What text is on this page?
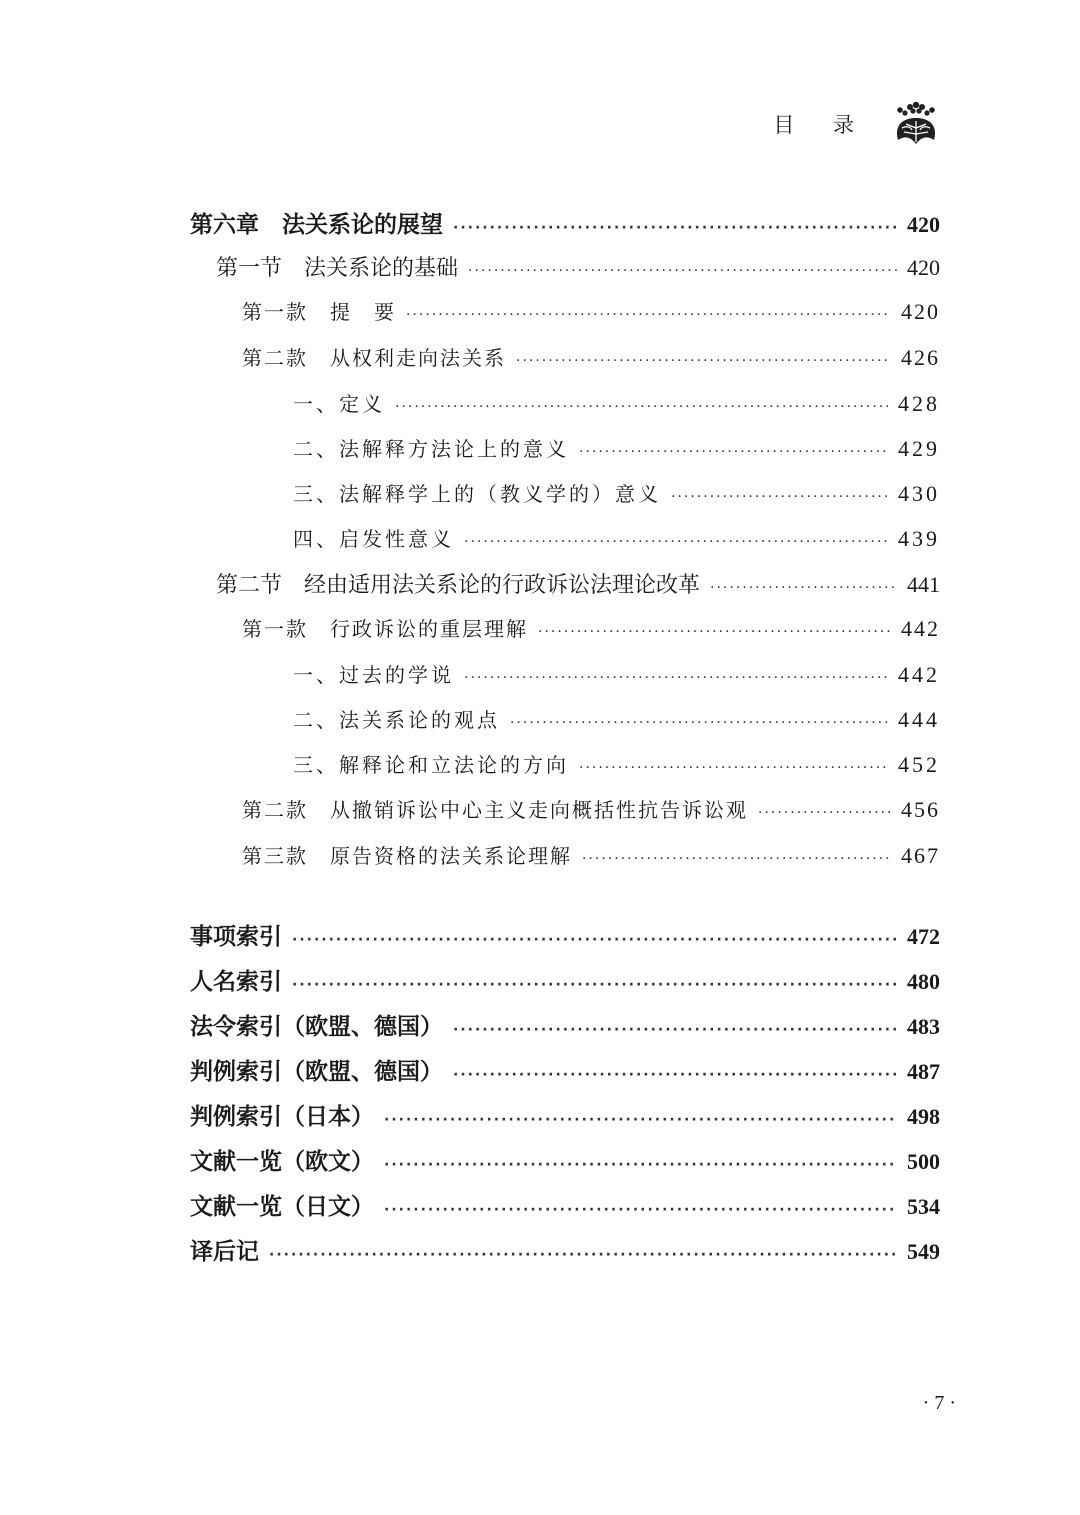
目 录
第六章　法关系论的展望 ·····	420
第一节　法关系论的基础 ·····	420
第一款　提　要 ·····	420
第二款　从权利走向法关系 ·····	426
一、定义 ·····	428
二、法解释方法论上的意义 ·····	429
三、法解释学上的（教义学的）意义 ·····	430
四、启发性意义 ·····	439
第二节　经由适用法关系论的行政诉讼法理论改革 ·····	441
第一款　行政诉讼的重层理解 ·····	442
一、过去的学说 ·····	442
二、法关系论的观点 ·····	444
三、解释论和立法论的方向 ·····	452
第二款　从撤销诉讼中心主义走向概括性抗告诉讼观 ·····	456
第三款　原告资格的法关系论理解 ·····	467
事项索引 ·····	472
人名索引 ·····	480
法令索引（欧盟、德国） ·····	483
判例索引（欧盟、德国） ·····	487
判例索引（日本） ·····	498
文献一览（欧文） ·····	500
文献一览（日文） ·····	534
译后记 ·····	549
· 7 ·
